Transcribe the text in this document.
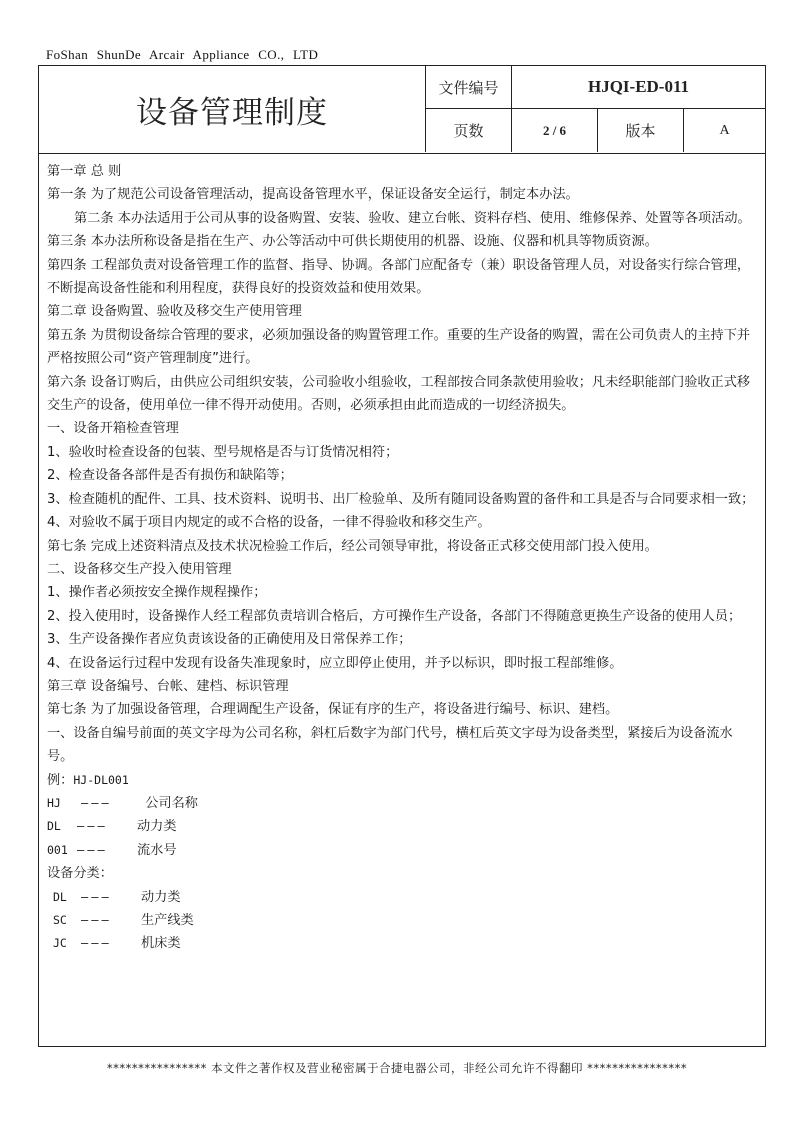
FoShan ShunDe Arcair Appliance CO., LTD
设备管理制度
文件编号	HJQI-ED-011
页数	2 / 6	版本	A

第一章 总 则

第一条 为了规范公司设备管理活动，提高设备管理水平，保证设备安全运行，制定本办法。

第二条 本办法适用于公司从事的设备购置、安装、验收、建立台帐、资料存档、使用、维修保养、处置等各项活动。

第三条 本办法所称设备是指在生产、办公等活动中可供长期使用的机器、设施、仪器和机具等物质资源。

第四条 工程部负责对设备管理工作的监督、指导、协调。各部门应配备专（兼）职设备管理人员，对设备实行综合管理，不断提高设备性能和利用程度，获得良好的投资效益和使用效果。

第二章 设备购置、验收及移交生产使用管理

第五条 为贯彻设备综合管理的要求，必须加强设备的购置管理工作。重要的生产设备的购置，需在公司负责人的主持下并严格按照公司“资产管理制度”进行。

第六条 设备订购后，由供应公司组织安装，公司验收小组验收，工程部按合同条款使用验收；凡未经职能部门验收正式移交生产的设备，使用单位一律不得开动使用。否则，必须承担由此而造成的一切经济损失。

一、设备开箱检查管理

1、验收时检查设备的包装、型号规格是否与订货情况相符；

2、检查设备各部件是否有损伤和缺陷等；

3、检查随机的配件、工具、技术资料、说明书、出厂检验单、及所有随同设备购置的备件和工具是否与合同要求相一致；

4、对验收不属于项目内规定的或不合格的设备，一律不得验收和移交生产。

第七条 完成上述资料清点及技术状况检验工作后，经公司领导审批，将设备正式移交使用部门投入使用。

二、设备移交生产投入使用管理

1、操作者必须按安全操作规程操作；

2、投入使用时，设备操作人经工程部负责培训合格后，方可操作生产设备，各部门不得随意更换生产设备的使用人员；

3、生产设备操作者应负责该设备的正确使用及日常保养工作；

4、在设备运行过程中发现有设备失准现象时，应立即停止使用，并予以标识，即时报工程部维修。

第三章 设备编号、台帐、建档、标识管理

第七条 为了加强设备管理，合理调配生产设备，保证有序的生产，将设备进行编号、标识、建档。

一、设备自编号前面的英文字母为公司名称，斜杠后数字为部门代号，横杠后英文字母为设备类型，紧接后为设备流水号。

例：HJ-DL001

HJ ———	公司名称

DL ——— 动力类

001 ——— 流水号

设备分类：

DL ——— 动力类

SC ——— 生产线类

JC ——— 机床类

**************** 本文件之著作权及营业秘密属于合捷电器公司，非经公司允许不得翻印 ****************
